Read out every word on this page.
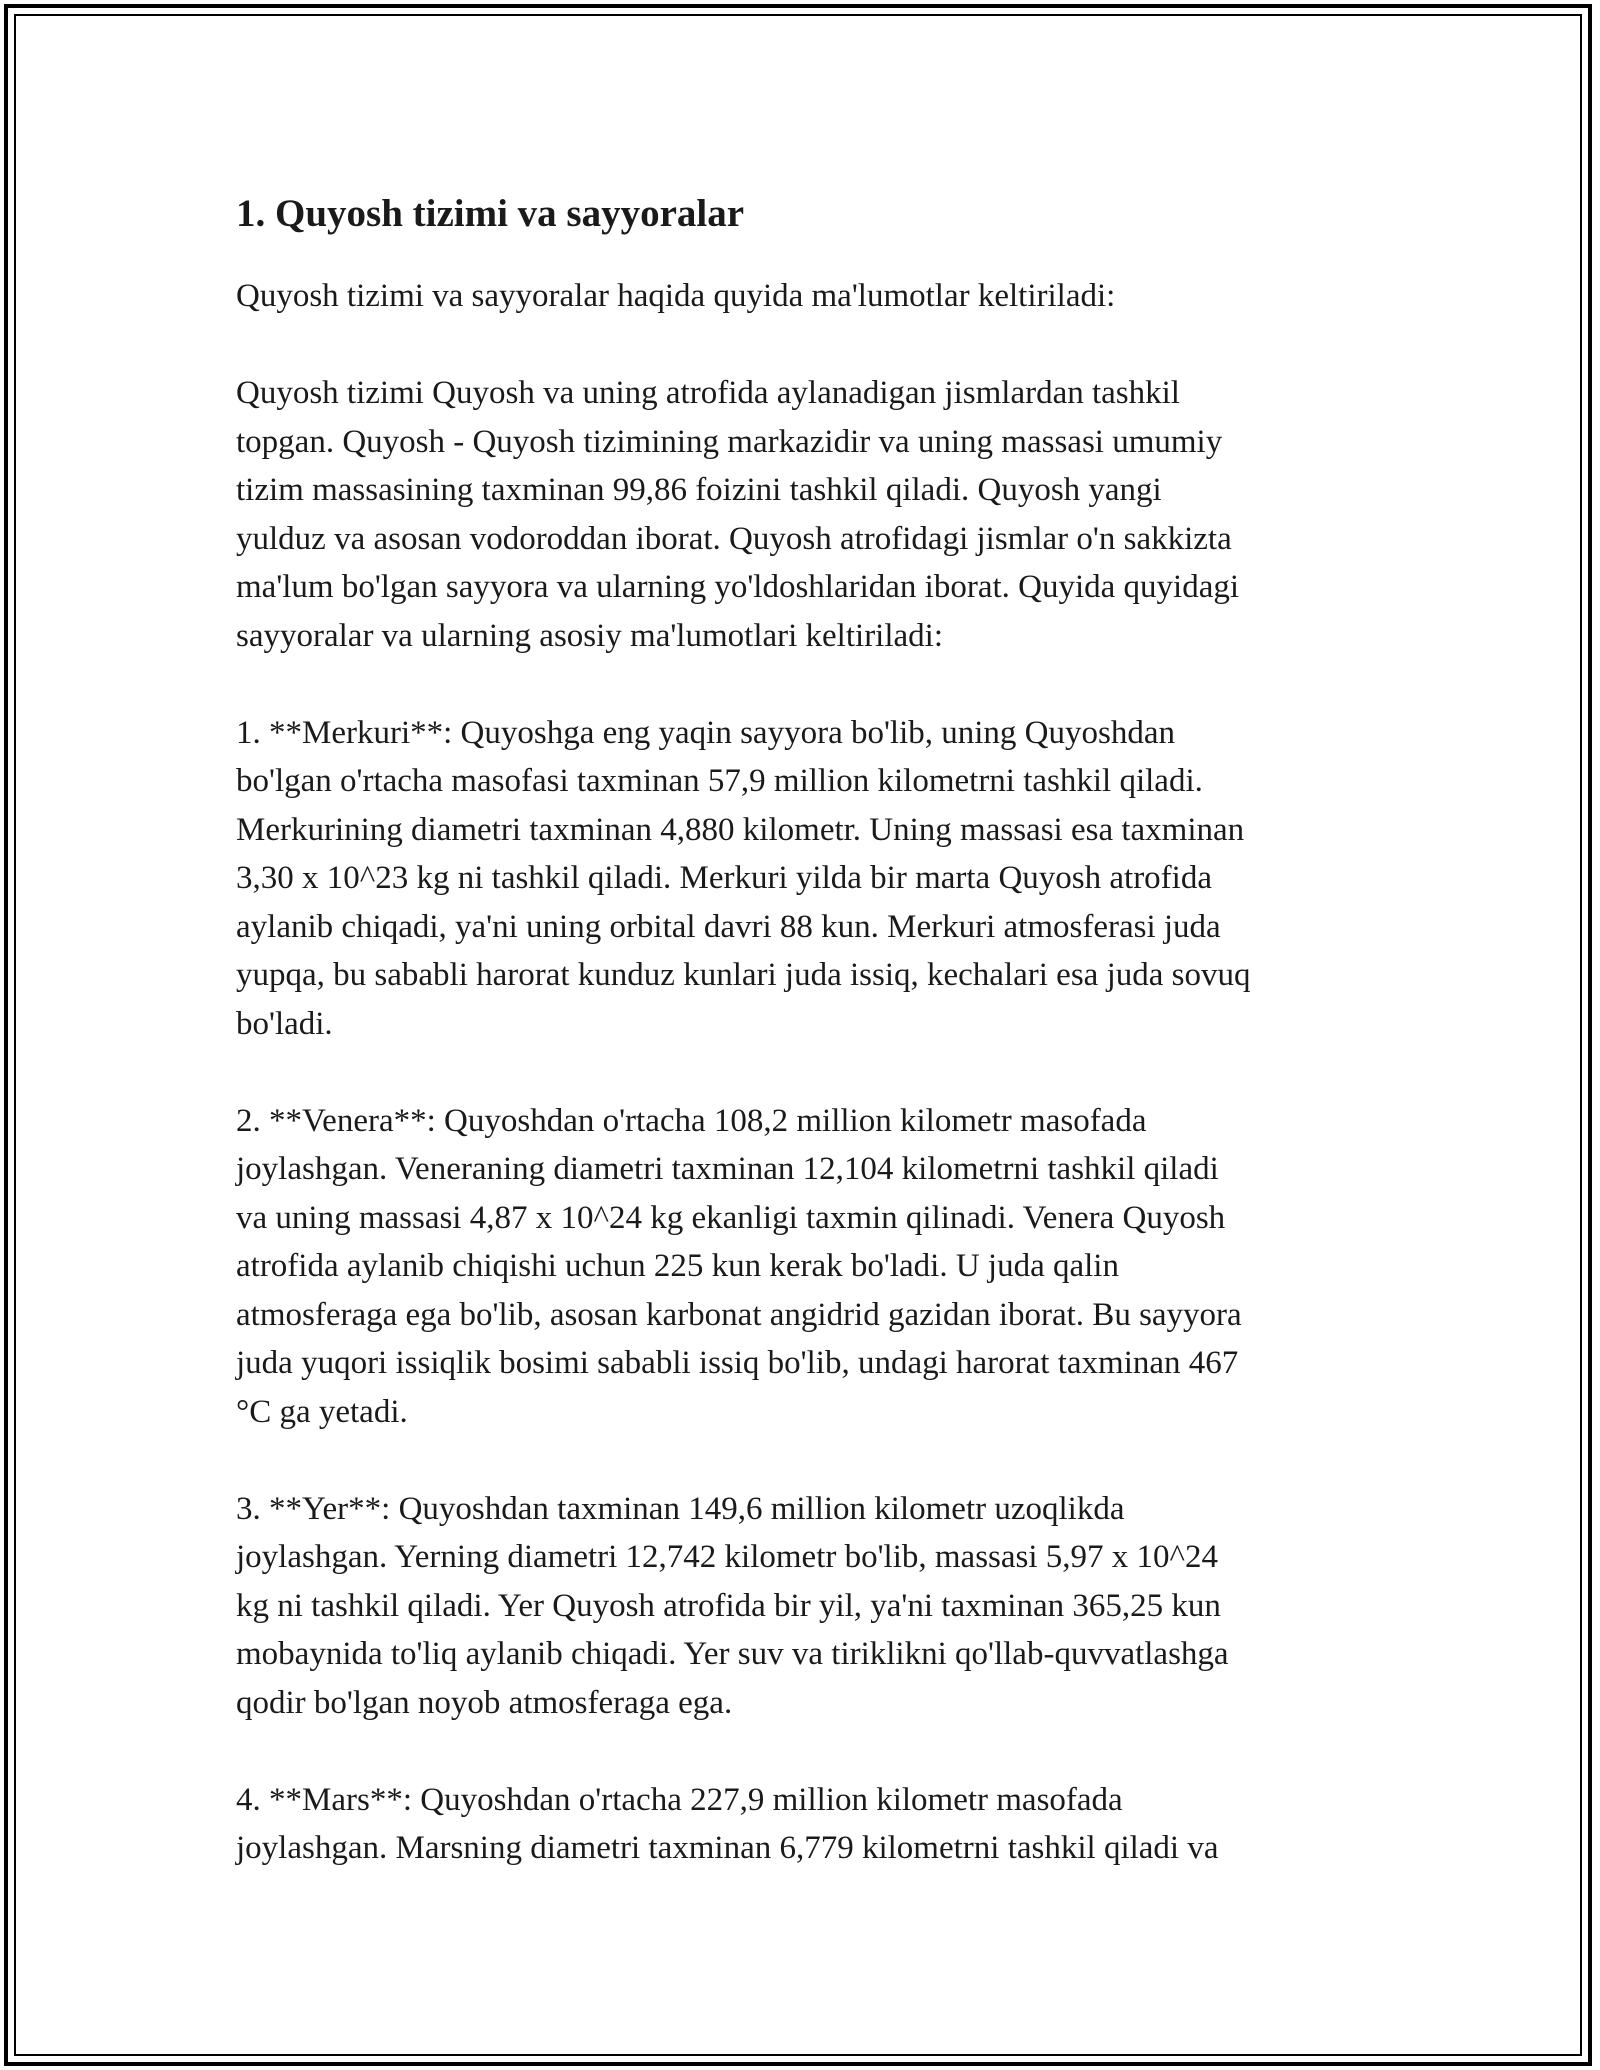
1. Quyosh tizimi va sayyoralar

Quyosh tizimi va sayyoralar haqida quyida ma'lumotlar keltiriladi:

Quyosh tizimi Quyosh va uning atrofida aylanadigan jismlardan tashkil
topgan. Quyosh - Quyosh tizimining markazidir va uning massasi umumiy
tizim massasining taxminan 99,86 foizini tashkil qiladi. Quyosh yangi
yulduz va asosan vodoroddan iborat. Quyosh atrofidagi jismlar o'n sakkizta
ma'lum bo'lgan sayyora va ularning yo'ldoshlaridan iborat. Quyida quyidagi
sayyoralar va ularning asosiy ma'lumotlari keltiriladi:

1. **Merkuri**: Quyoshga eng yaqin sayyora bo'lib, uning Quyoshdan
bo'lgan o'rtacha masofasi taxminan 57,9 million kilometrni tashkil qiladi.
Merkurining diametri taxminan 4,880 kilometr. Uning massasi esa taxminan
3,30 x 10^23 kg ni tashkil qiladi. Merkuri yilda bir marta Quyosh atrofida
aylanib chiqadi, ya'ni uning orbital davri 88 kun. Merkuri atmosferasi juda
yupqa, bu sababli harorat kunduz kunlari juda issiq, kechalari esa juda sovuq
bo'ladi.

2. **Venera**: Quyoshdan o'rtacha 108,2 million kilometr masofada
joylashgan. Veneraning diametri taxminan 12,104 kilometrni tashkil qiladi
va uning massasi 4,87 x 10^24 kg ekanligi taxmin qilinadi. Venera Quyosh
atrofida aylanib chiqishi uchun 225 kun kerak bo'ladi. U juda qalin
atmosferaga ega bo'lib, asosan karbonat angidrid gazidan iborat. Bu sayyora
juda yuqori issiqlik bosimi sababli issiq bo'lib, undagi harorat taxminan 467
°C ga yetadi.

3. **Yer**: Quyoshdan taxminan 149,6 million kilometr uzoqlikda
joylashgan. Yerning diametri 12,742 kilometr bo'lib, massasi 5,97 x 10^24
kg ni tashkil qiladi. Yer Quyosh atrofida bir yil, ya'ni taxminan 365,25 kun
mobaynida to'liq aylanib chiqadi. Yer suv va tiriklikni qo'llab-quvvatlashga
qodir bo'lgan noyob atmosferaga ega.

4. **Mars**: Quyoshdan o'rtacha 227,9 million kilometr masofada
joylashgan. Marsning diametri taxminan 6,779 kilometrni tashkil qiladi va
